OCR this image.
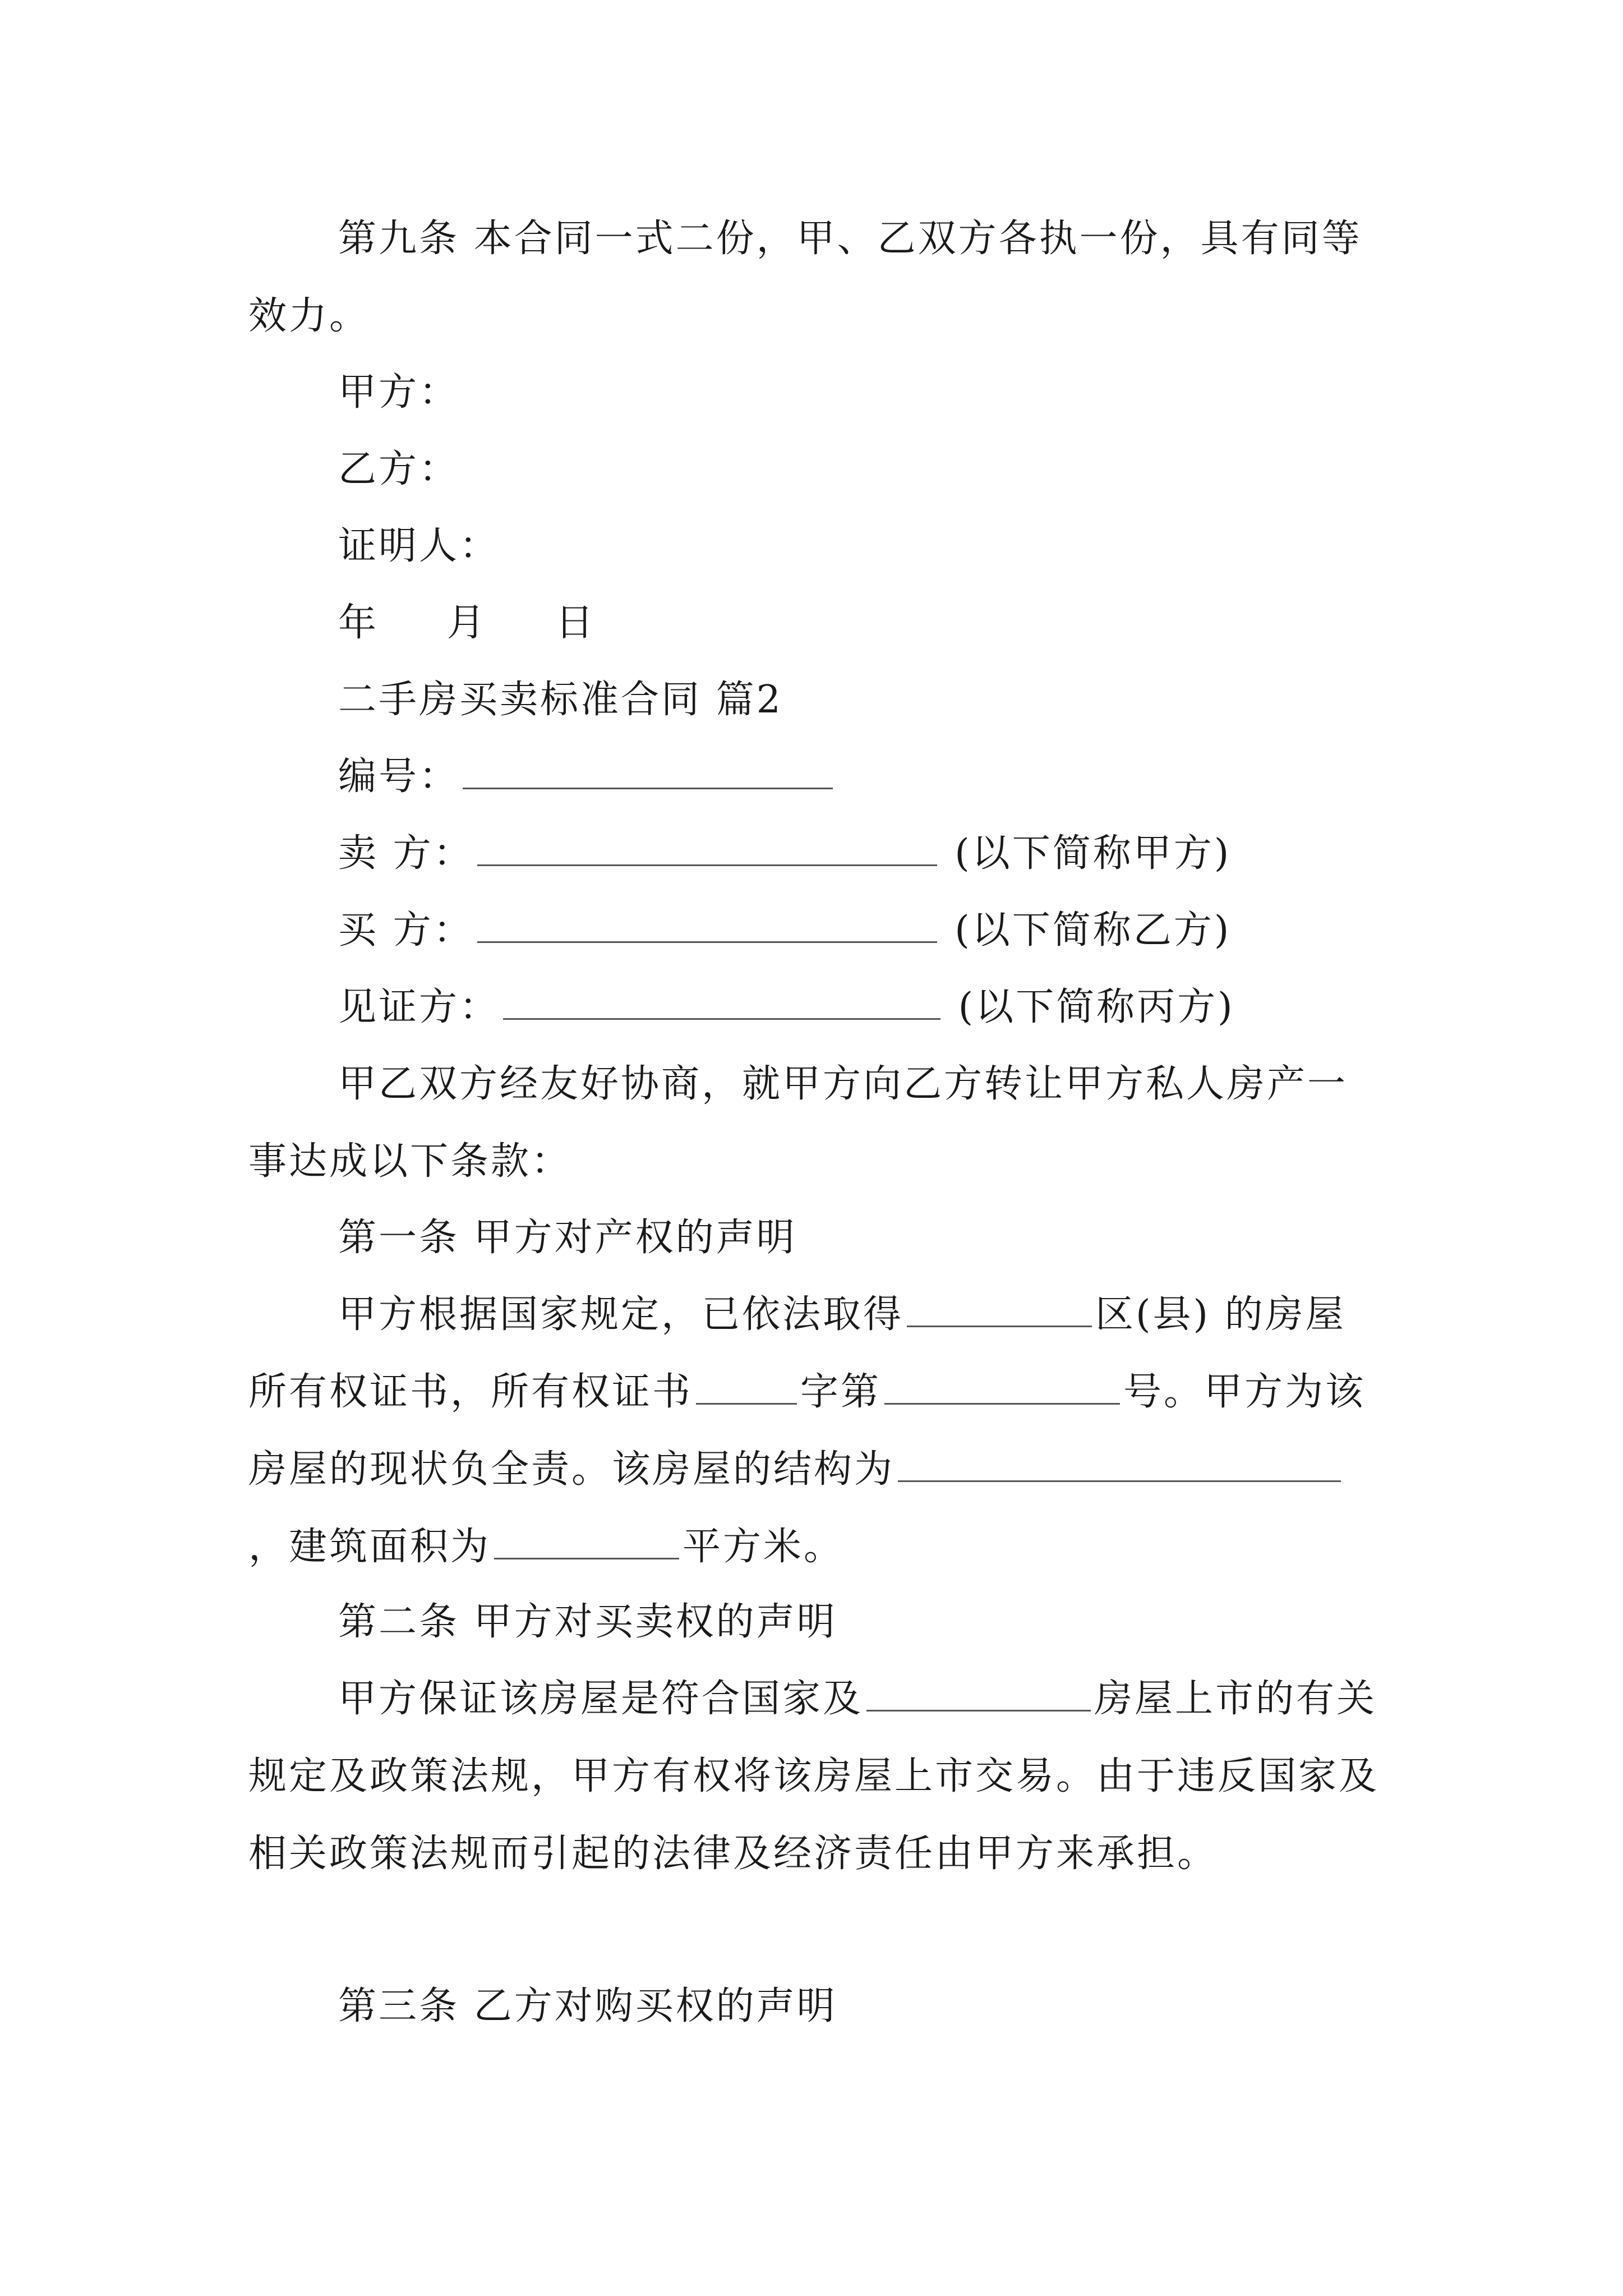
第九条 本合同一式二份，甲、乙双方各执一份，具有同等效力。

甲方：

乙方：

证明人：

年 月 日

二手房买卖标准合同 篇2

编号：

卖 方：	(以下简称甲方)

买 方：	(以下简称乙方)

见证方：	(以下简称丙方)

甲乙双方经友好协商，就甲方向乙方转让甲方私人房产一事达成以下条款：

第一条 甲方对产权的声明

甲方根据国家规定，已依法取得	区(县) 的房屋所有权证书，所有权证书	字第	号。甲方为该房屋的现状负全责。该房屋的结构为，建筑面积为	平方米。

第二条 甲方对买卖权的声明

甲方保证该房屋是符合国家及	房屋上市的有关规定及政策法规，甲方有权将该房屋上市交易。由于违反国家及相关政策法规而引起的法律及经济责任由甲方来承担。

第三条 乙方对购买权的声明
